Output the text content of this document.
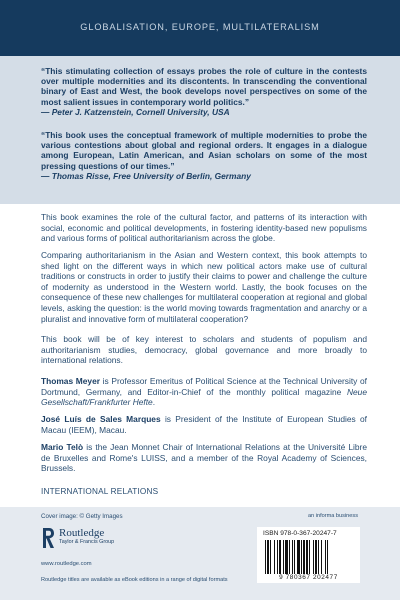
GLOBALISATION, EUROPE, MULTILATERALISM

“This stimulating collection of essays probes the role of culture in the contests over multiple modernities and its discontents. In transcending the conventional binary of East and West, the book develops novel perspectives on some of the most salient issues in contemporary world politics.”
— Peter J. Katzenstein, Cornell University, USA

“This book uses the conceptual framework of multiple modernities to probe the various contestions about global and regional orders. It engages in a dialogue among European, Latin American, and Asian scholars on some of the most pressing questions of our times.”
— Thomas Risse, Free University of Berlin, Germany

This book examines the role of the cultural factor, and patterns of its interaction with social, economic and political developments, in fostering identity-based new populisms and various forms of political authoritarianism across the globe.

Comparing authoritarianism in the Asian and Western context, this book attempts to shed light on the different ways in which new political actors make use of cultural traditions or constructs in order to justify their claims to power and challenge the culture of modernity as understood in the Western world. Lastly, the book focuses on the consequence of these new challenges for multilateral cooperation at regional and global levels, asking the question: is the world moving towards fragmentation and anarchy or a pluralist and innovative form of multilateral cooperation?

This book will be of key interest to scholars and students of populism and authoritarianism studies, democracy, global governance and more broadly to international relations.

Thomas Meyer is Professor Emeritus of Political Science at the Technical University of Dortmund, Germany, and Editor-in-Chief of the monthly political magazine Neue Gesellschaft/Frankfurter Hefte.

José Luís de Sales Marques is President of the Institute of European Studies of Macau (IEEM), Macau.

Mario Telò is the Jean Monnet Chair of International Relations at the Université Libre de Bruxelles and Rome's LUISS, and a member of the Royal Academy of Sciences, Brussels.

INTERNATIONAL RELATIONS

Cover image: © Getty Images	an informa business

Routledge

Taylor & Francis Group

www.routledge.com

Routledge titles are available as eBook editions in a range of digital formats

ISBN 978-0-367-20247-7

9 780367 202477
